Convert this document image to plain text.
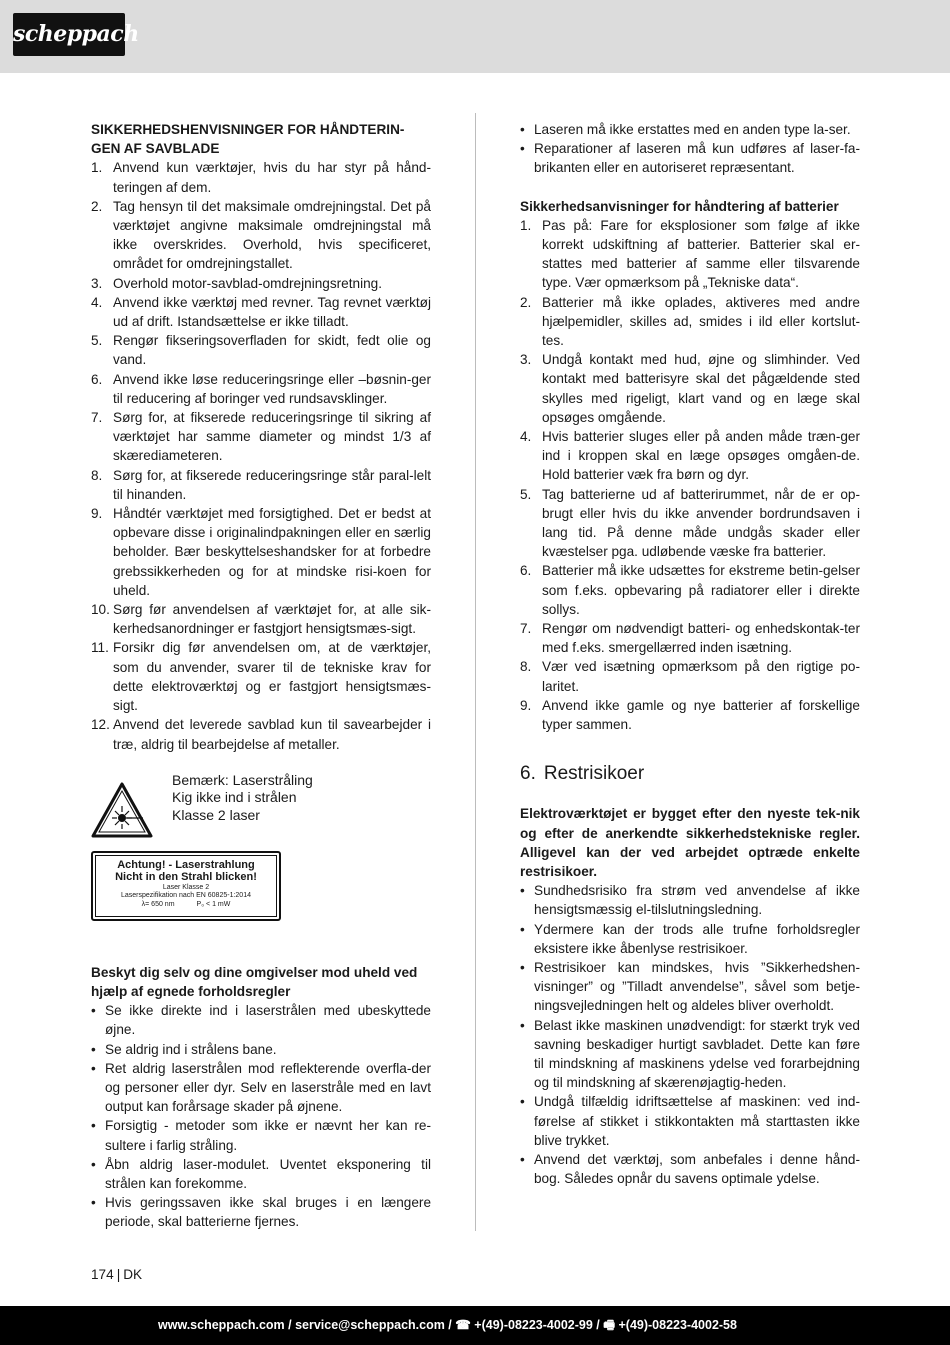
scheppach
SIKKERHEDSHENVISNINGER FOR HÅNDTERIN-GEN AF SAVBLADE
1. Anvend kun værktøjer, hvis du har styr på hånd-teringen af dem.
2. Tag hensyn til det maksimale omdrejningstal. Det på værktøjet angivne maksimale omdrejningstal må ikke overskrides. Overhold, hvis specificeret, området for omdrejningstallet.
3. Overhold motor-savblad-omdrejningsretning.
4. Anvend ikke værktøj med revner. Tag revnet værktøj ud af drift. Istandsættelse er ikke tilladt.
5. Rengør fikseringsoverfladen for skidt, fedt olie og vand.
6. Anvend ikke løse reduceringsringe eller –bøsnin-ger til reducering af boringer ved rundsavsklinger.
7. Sørg for, at fikserede reduceringsringe til sikring af værktøjet har samme diameter og mindst 1/3 af skærediameteren.
8. Sørg for, at fikserede reduceringsringe står paral-lelt til hinanden.
9. Håndtér værktøjet med forsigtighed. Det er bedst at opbevare disse i originalindpakningen eller en særlig beholder. Bær beskyttelseshandsker for at forbedre grebssikkerheden og for at mindske risi-koen for uheld.
10. Sørg før anvendelsen af værktøjet for, at alle sik-kerhedsanordninger er fastgjort hensigtsmæs-sigt.
11. Forsikr dig før anvendelsen om, at de værktøjer, som du anvender, svarer til de tekniske krav for dette elektroværktøj og er fastgjort hensigtsmæs-sigt.
12. Anvend det leverede savblad kun til savearbejder i træ, aldrig til bearbejdelse af metaller.
Bemærk: Laserstråling
Kig ikke ind i strålen
Klasse 2 laser
Achtung! - Laserstrahlung
Nicht in den Strahl blicken!
Laser Klasse 2
Laserspezifikation nach EN 60825-1:2014
λ= 650 nm	P₀ < 1 mW
Beskyt dig selv og dine omgivelser mod uheld ved hjælp af egnede forholdsregler
• Se ikke direkte ind i laserstrålen med ubeskyttede øjne.
• Se aldrig ind i strålens bane.
• Ret aldrig laserstrålen mod reflekterende overfla-der og personer eller dyr. Selv en laserstråle med en lavt output kan forårsage skader på øjnene.
• Forsigtig - metoder som ikke er nævnt her kan re-sultere i farlig stråling.
• Åbn aldrig laser-modulet. Uventet eksponering til strålen kan forekomme.
• Hvis geringssaven ikke skal bruges i en længere periode, skal batterierne fjernes.
• Laseren må ikke erstattes med en anden type la-ser.
• Reparationer af laseren må kun udføres af laser-fa-brikanten eller en autoriseret repræsentant.
Sikkerhedsanvisninger for håndtering af batterier
1. Pas på: Fare for eksplosioner som følge af ikke korrekt udskiftning af batterier. Batterier skal er-stattes med batterier af samme eller tilsvarende type. Vær opmærksom på „Tekniske data“.
2. Batterier må ikke oplades, aktiveres med andre hjælpemidler, skilles ad, smides i ild eller kortslut-tes.
3. Undgå kontakt med hud, øjne og slimhinder. Ved kontakt med batterisyre skal det pågældende sted skylles med rigeligt, klart vand og en læge skal opsøges omgående.
4. Hvis batterier sluges eller på anden måde træn-ger ind i kroppen skal en læge opsøges omgåen-de. Hold batterier væk fra børn og dyr.
5. Tag batterierne ud af batterirummet, når de er op-brugt eller hvis du ikke anvender bordrundsaven i lang tid. På denne måde undgås skader eller kvæstelser pga. udløbende væske fra batterier.
6. Batterier må ikke udsættes for ekstreme betin-gelser som f.eks. opbevaring på radiatorer eller i direkte sollys.
7. Rengør om nødvendigt batteri- og enhedskontak-ter med f.eks. smergellærred inden isætning.
8. Vær ved isætning opmærksom på den rigtige po-laritet.
9. Anvend ikke gamle og nye batterier af forskellige typer sammen.
6. Restrisikoer

Elektroværktøjet er bygget efter den nyeste tek-nik og efter de anerkendte sikkerhedstekniske regler. Alligevel kan der ved arbejdet optræde enkelte restrisikoer.

• Sundhedsrisiko fra strøm ved anvendelse af ikke hensigtsmæssig el-tilslutningsledning.
• Ydermere kan der trods alle trufne forholdsregler eksistere ikke åbenlyse restrisikoer.
• Restrisikoer kan mindskes, hvis ”Sikkerhedshen-visninger” og ”Tilladt anvendelse”, såvel som betje-ningsvejledningen helt og aldeles bliver overholdt.
• Belast ikke maskinen unødvendigt: for stærkt tryk ved savning beskadiger hurtigt savbladet. Dette kan føre til mindskning af maskinens ydelse ved forarbejdning og til mindskning af skærenøjagtig-heden.
• Undgå tilfældig idriftsættelse af maskinen: ved ind-førelse af stikket i stikkontakten må starttasten ikke blive trykket.
• Anvend det værktøj, som anbefales i denne hånd-bog. Således opnår du savens optimale ydelse.
174 | DK
www.scheppach.com / service@scheppach.com / ☎ +(49)-08223-4002-99 / 🖷 +(49)-08223-4002-58
